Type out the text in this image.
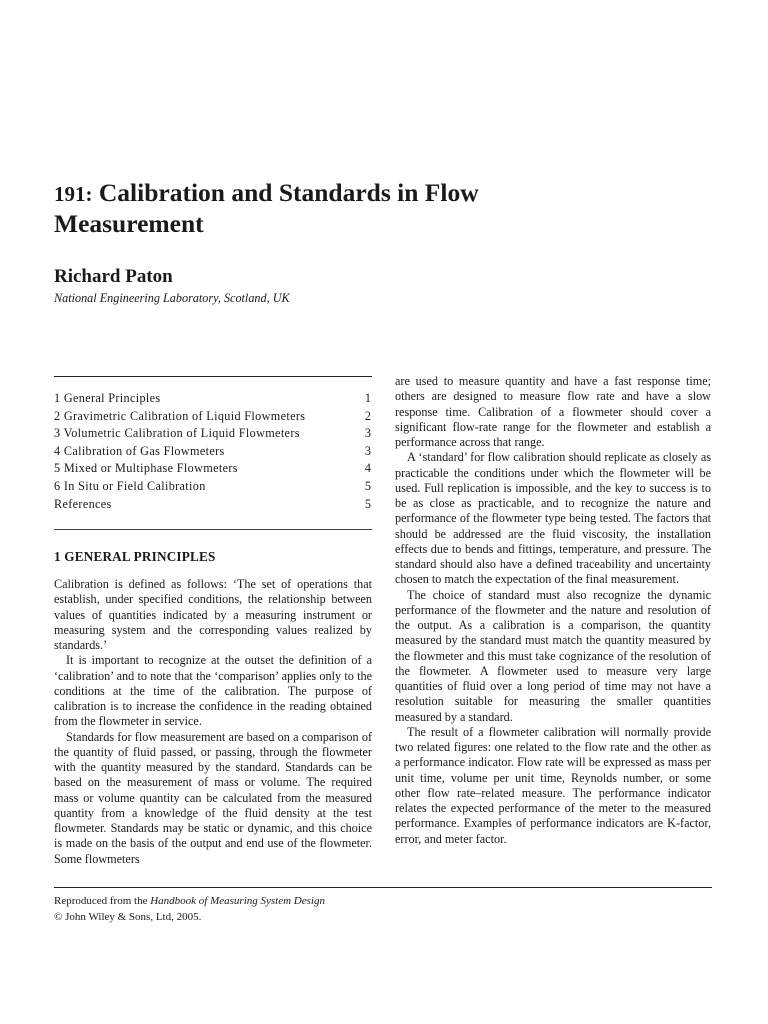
191: Calibration and Standards in Flow
Measurement

Richard Paton

National Engineering Laboratory, Scotland, UK

1 General Principles	1
2 Gravimetric Calibration of Liquid Flowmeters	2
3 Volumetric Calibration of Liquid Flowmeters	3
4 Calibration of Gas Flowmeters	3
5 Mixed or Multiphase Flowmeters	4
6 In Situ or Field Calibration	5
References	5
1 GENERAL PRINCIPLES

Calibration is defined as follows: ‘The set of operations that establish, under specified conditions, the relationship between values of quantities indicated by a measuring instrument or measuring system and the corresponding values realized by standards.’

It is important to recognize at the outset the definition of a ‘calibration’ and to note that the ‘comparison’ applies only to the conditions at the time of the calibration. The purpose of calibration is to increase the confidence in the reading obtained from the flowmeter in service.

Standards for flow measurement are based on a comparison of the quantity of fluid passed, or passing, through the flowmeter with the quantity measured by the standard. Standards can be based on the measurement of mass or volume. The required mass or volume quantity can be calculated from the measured quantity from a knowledge of the fluid density at the test flowmeter. Standards may be static or dynamic, and this choice is made on the basis of the output and end use of the flowmeter. Some flowmeters

are used to measure quantity and have a fast response time; others are designed to measure flow rate and have a slow response time. Calibration of a flowmeter should cover a significant flow-rate range for the flowmeter and establish a performance across that range.

A ‘standard’ for flow calibration should replicate as closely as practicable the conditions under which the flowmeter will be used. Full replication is impossible, and the key to success is to be as close as practicable, and to recognize the nature and performance of the flowmeter type being tested. The factors that should be addressed are the fluid viscosity, the installation effects due to bends and fittings, temperature, and pressure. The standard should also have a defined traceability and uncertainty chosen to match the expectation of the final measurement.

The choice of standard must also recognize the dynamic performance of the flowmeter and the nature and resolution of the output. As a calibration is a comparison, the quantity measured by the standard must match the quantity measured by the flowmeter and this must take cognizance of the resolution of the flowmeter. A flowmeter used to measure very large quantities of fluid over a long period of time may not have a resolution suitable for measuring the smaller quantities measured by a standard.

The result of a flowmeter calibration will normally provide two related figures: one related to the flow rate and the other as a performance indicator. Flow rate will be expressed as mass per unit time, volume per unit time, Reynolds number, or some other flow rate–related measure. The performance indicator relates the expected performance of the meter to the measured performance. Examples of performance indicators are K-factor, error, and meter factor.

Reproduced from the Handbook of Measuring System Design
© John Wiley & Sons, Ltd, 2005.
